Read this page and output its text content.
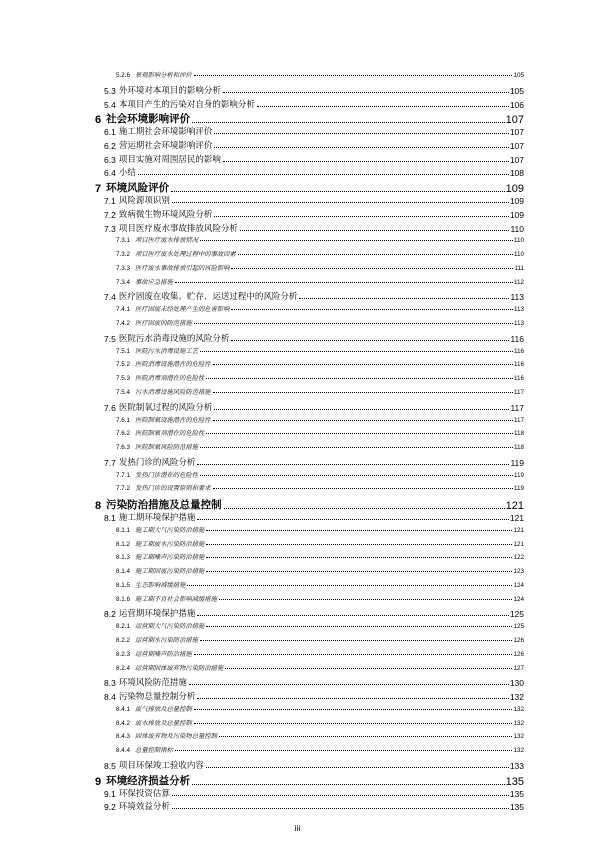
5.2.6 景观影响分析和评价	105
5.3 外环境对本项目的影响分析	105
5.4 本项目产生的污染对自身的影响分析	106
6 社会环境影响评价	107
6.1 施工期社会环境影响评价	107
6.2 营运期社会环境影响评价	107
6.3 项目实施对周围居民的影响	107
6.4 小结	108
7 环境风险评价	109
7.1 风险源项识别	109
7.2 致病微生物环境风险分析	109
7.3 项目医疗废水事故排放风险分析	110
7.3.1 项目医疗废水排放情况	110
7.3.2 项目医疗废水处理过程中的事故因素	110
7.3.3 医疗废水事故排放引起的风险影响	111
7.3.4 事故应急措施	112
7.4 医疗固废在收集、贮存、运送过程中的风险分析	113
7.4.1 医疗固废未经处理产生的危害影响	113
7.4.2 医疗固废的防范措施	113
7.5 医院污水消毒设施的风险分析	116
7.5.1 医院污水消毒设施工艺	116
7.5.2 医院消毒设施潜在的危险性	116
7.5.3 医院消毒剂潜在的危险性	116
7.5.4 污水消毒设施风险防范措施	117
7.6 医院制氧过程的风险分析	117
7.6.1 医院制氧设施潜在的危险性	117
7.6.2 医院制氧剂潜在的危险性	118
7.6.3 医院制氧风险防范措施	118
7.7 发热门诊的风险分析	119
7.7.1 发热门诊潜在的危险性	119
7.7.2 发热门诊的设置原则和要求	119
8 污染防治措施及总量控制	121
8.1 施工期环境保护措施	121
8.1.1 施工期大气污染防治措施	121
8.1.2 施工期废水污染防治措施	121
8.1.3 施工期噪声污染防治措施	122
8.1.4 施工期固废污染防治措施	123
8.1.5 生态影响减缓措施	124
8.1.6 施工期不良社会影响减缓措施	124
8.2 运营期环境保护措施	125
8.2.1 运营期大气污染防治措施	125
8.2.2 运营期水污染防治措施	126
8.2.3 运营期噪声防治措施	126
8.2.4 运营期固体废弃物污染防治措施	127
8.3 环境风险防范措施	130
8.4 污染物总量控制分析	132
8.4.1 废气排放及总量控制	132
8.4.2 废水排放及总量控制	132
8.4.3 固体废弃物及污染物总量控制	132
8.4.4 总量控制指标	132
8.5 项目环保竣工验收内容	133
9 环境经济损益分析	135
9.1 环保投资估算	135
9.2 环境效益分析	135
iii
